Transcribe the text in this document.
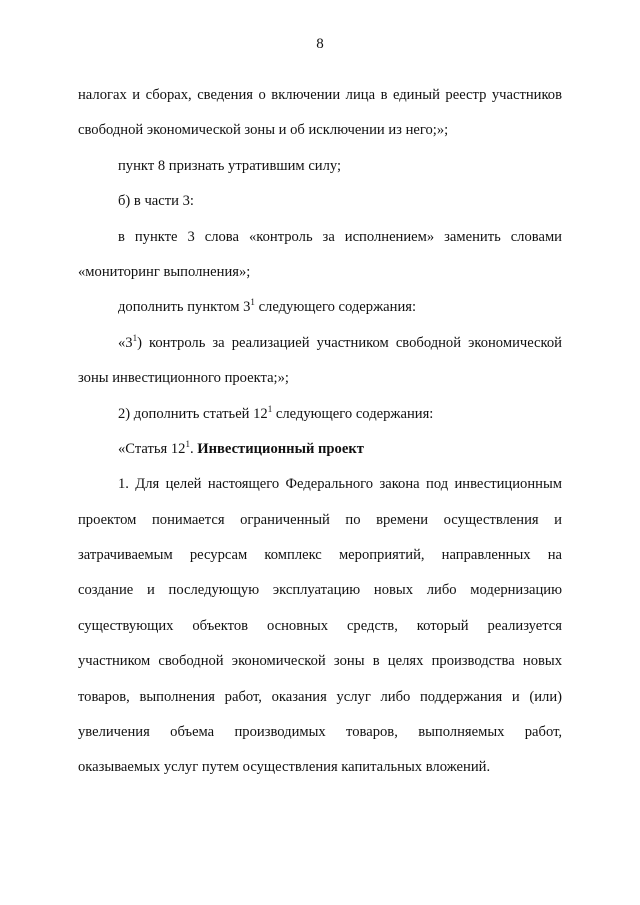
8
налогах и сборах, сведения о включении лица в единый реестр участников
свободной экономической зоны и об исключении из него;»;
пункт 8 признать утратившим силу;
б) в части 3:
в пункте 3 слова «контроль за исполнением» заменить словами
«мониторинг выполнения»;
дополнить пунктом $3^1$ следующего содержания:
«$3^1$ ) контроль за реализацией участником свободной экономической
зоны инвестиционного проекта;»;
2) дополнить статьей $12^1$ следующего содержания:
«Статья $12^1$. Инвестиционный проект
1. Для целей настоящего Федерального закона под инвестиционным
проектом понимается ограниченный по времени осуществления и
затрачиваемым ресурсам комплекс мероприятий, направленных на
создание и последующую эксплуатацию новых либо модернизацию
существующих объектов основных средств, который реализуется
участником свободной экономической зоны в целях производства новых
товаров, выполнения работ, оказания услуг либо поддержания и (или)
увеличения объема производимых товаров, выполняемых работ,
оказываемых услуг путем осуществления капитальных вложений.
